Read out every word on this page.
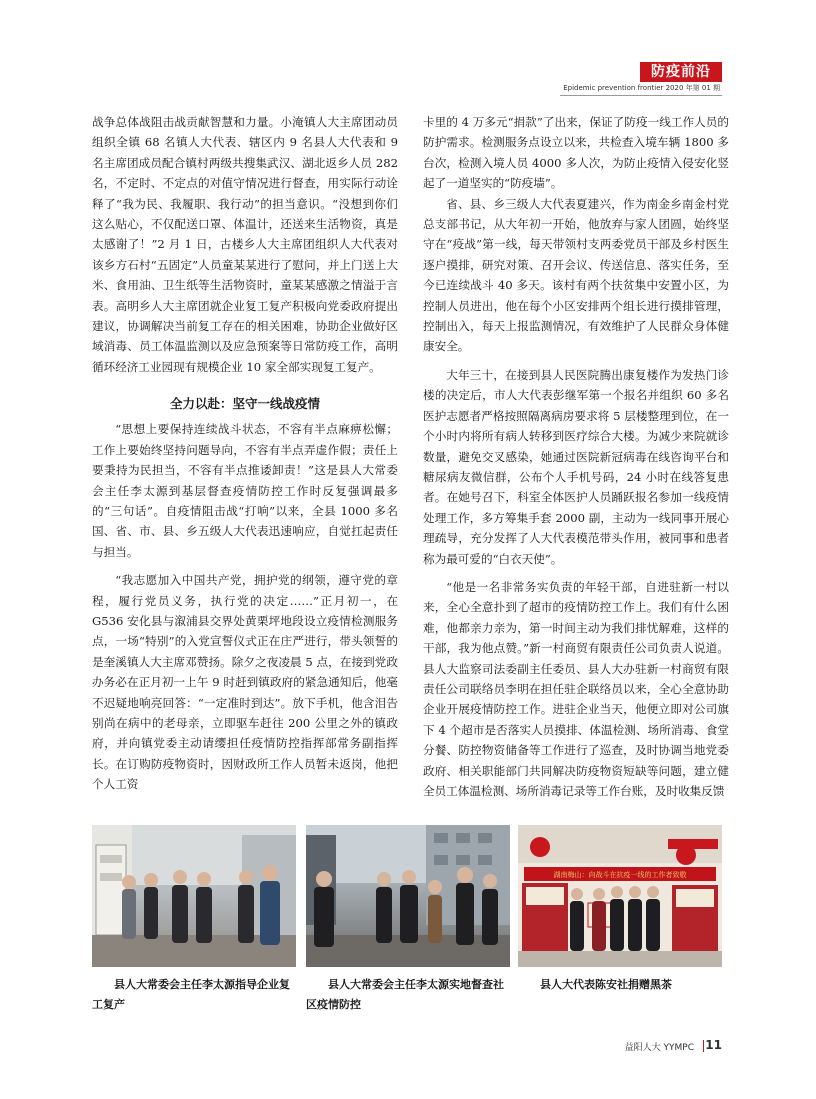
防疫前沿
Epidemic prevention frontier 2020 年第 01 期

战争总体战阻击战贡献智慧和力量。小淹镇人大主席团动员组织全镇 68 名镇人大代表、辖区内 9 名县人大代表和 9 名主席团成员配合镇村两级共搜集武汉、湖北返乡人员 282 名，不定时、不定点的对值守情况进行督查，用实际行动诠释了“我为民、我履职、我行动”的担当意识。“没想到你们这么贴心，不仅配送口罩、体温计，还送来生活物资，真是太感谢了！”2 月 1 日，古楼乡人大主席团组织人大代表对该乡方石村“五固定”人员童某某进行了慰问，并上门送上大米、食用油、卫生纸等生活物资时，童某某感激之情溢于言表。高明乡人大主席团就企业复工复产积极向党委政府提出建议，协调解决当前复工存在的相关困难，协助企业做好区域消毒、员工体温监测以及应急预案等日常防疫工作，高明循环经济工业园现有规模企业 10 家全部实现复工复产。

全力以赴：坚守一线战疫情

“思想上要保持连续战斗状态，不容有半点麻痹松懈；工作上要始终坚持问题导向，不容有半点弄虚作假；责任上要秉持为民担当，不容有半点推诿卸责！”这是县人大常委会主任李太源到基层督查疫情防控工作时反复强调最多的“三句话”。自疫情阻击战“打响”以来，全县 1000 多名国、省、市、县、乡五级人大代表迅速响应，自觉扛起责任与担当。

“我志愿加入中国共产党，拥护党的纲领，遵守党的章程，履行党员义务，执行党的决定……”正月初一，在 G536 安化县与溆浦县交界处黄栗坪地段设立疫情检测服务点，一场“特别”的入党宣誓仪式正在庄严进行，带头领誓的是奎溪镇人大主席邓赞扬。除夕之夜凌晨 5 点，在接到党政办务必在正月初一上午 9 时赶到镇政府的紧急通知后，他毫不迟疑地响亮回答：“一定准时到达”。放下手机，他含泪告别尚在病中的老母亲，立即驱车赶往 200 公里之外的镇政府，并向镇党委主动请缨担任疫情防控指挥部常务副指挥长。在订购防疫物资时，因财政所工作人员暂未返岗，他把个人工资

卡里的 4 万多元“捐款”了出来，保证了防疫一线工作人员的防护需求。检测服务点设立以来，共检查入境车辆 1800 多台次，检测入境人员 4000 多人次，为防止疫情入侵安化竖起了一道坚实的“防疫墙”。

省、县、乡三级人大代表夏建兴，作为南金乡南金村党总支部书记，从大年初一开始，他放弃与家人团圆，始终坚守在“疫战”第一线，每天带领村支两委党员干部及乡村医生逐户摸排，研究对策、召开会议、传送信息、落实任务，至今已连续战斗 40 多天。该村有两个扶贫集中安置小区，为控制人员进出，他在每个小区安排两个组长进行摸排管理，控制出入，每天上报监测情况，有效维护了人民群众身体健康安全。

大年三十，在接到县人民医院腾出康复楼作为发热门诊楼的决定后，市人大代表彭继军第一个报名并组织 60 多名医护志愿者严格按照隔离病房要求将 5 层楼整理到位，在一个小时内将所有病人转移到医疗综合大楼。为减少来院就诊数量，避免交叉感染，她通过医院新冠病毒在线咨询平台和糖尿病友微信群，公布个人手机号码，24 小时在线答复患者。在她号召下，科室全体医护人员踊跃报名参加一线疫情处理工作，多方筹集手套 2000 副，主动为一线同事开展心理疏导，充分发挥了人大代表模范带头作用，被同事和患者称为最可爱的“白衣天使”。

“他是一名非常务实负责的年轻干部，自进驻新一村以来，全心全意扑到了超市的疫情防控工作上。我们有什么困难，他都亲力亲为，第一时间主动为我们排忧解难，这样的干部，我为他点赞。”新一村商贸有限责任公司负责人说道。县人大监察司法委副主任委员、县人大办驻新一村商贸有限责任公司联络员李明在担任驻企联络员以来，全心全意协助企业开展疫情防控工作。进驻企业当天，他便立即对公司旗下 4 个超市是否落实人员摸排、体温检测、场所消毒、食堂分餐、防控物资储备等工作进行了巡查，及时协调当地党委政府、相关职能部门共同解决防疫物资短缺等问题，建立健全员工体温检测、场所消毒记录等工作台账，及时收集反馈

湖南梅山：向战斗在抗疫一线的工作者致敬
县人大常委会主任李太源指导企业复工复产
县人大常委会主任李太源实地督查社区疫情防控
县人大代表陈安社捐赠黑茶
益阳人大 YYMPC 11
